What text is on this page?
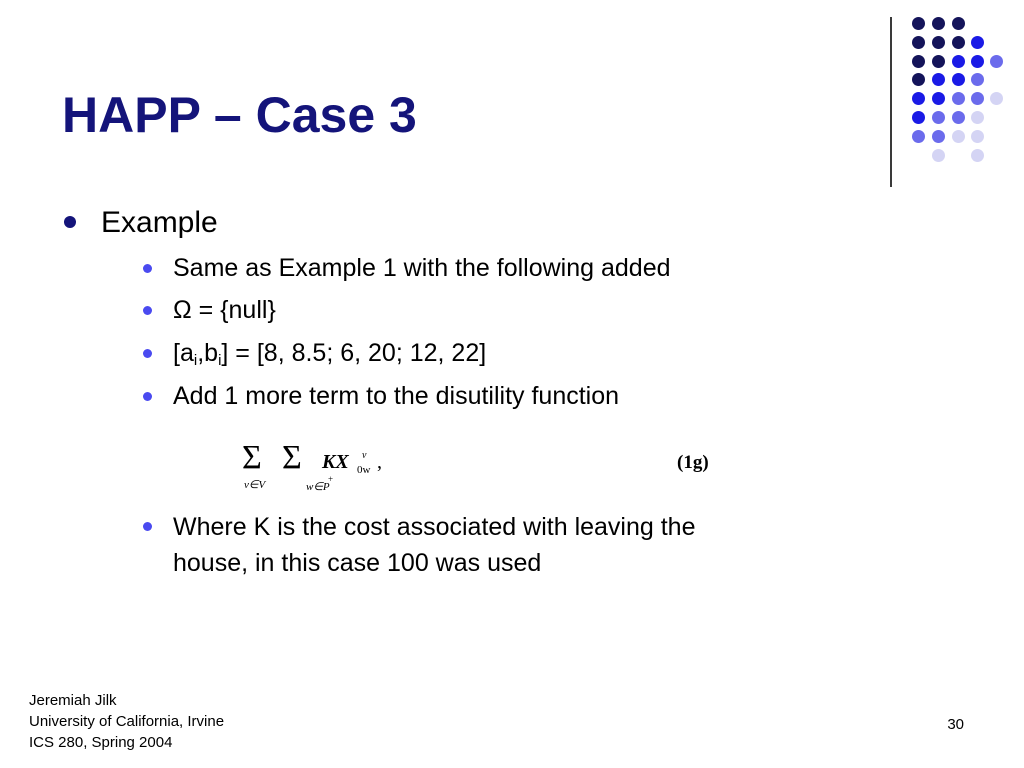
HAPP – Case 3
Example
Same as Example 1 with the following added
Ω = {null}
$[a_i,b_i] = [8$, 8.5; 6, 20; 12, 22]
Add 1 more term to the disutility function
Σ
v∈V
Σ
w∈P
+
KX v
0w ,	(1g)
Where K is the cost associated with leaving the
house, in this case 100 was used
Jeremiah Jilk
University of California, Irvine
ICS 280, Spring 2004
30
